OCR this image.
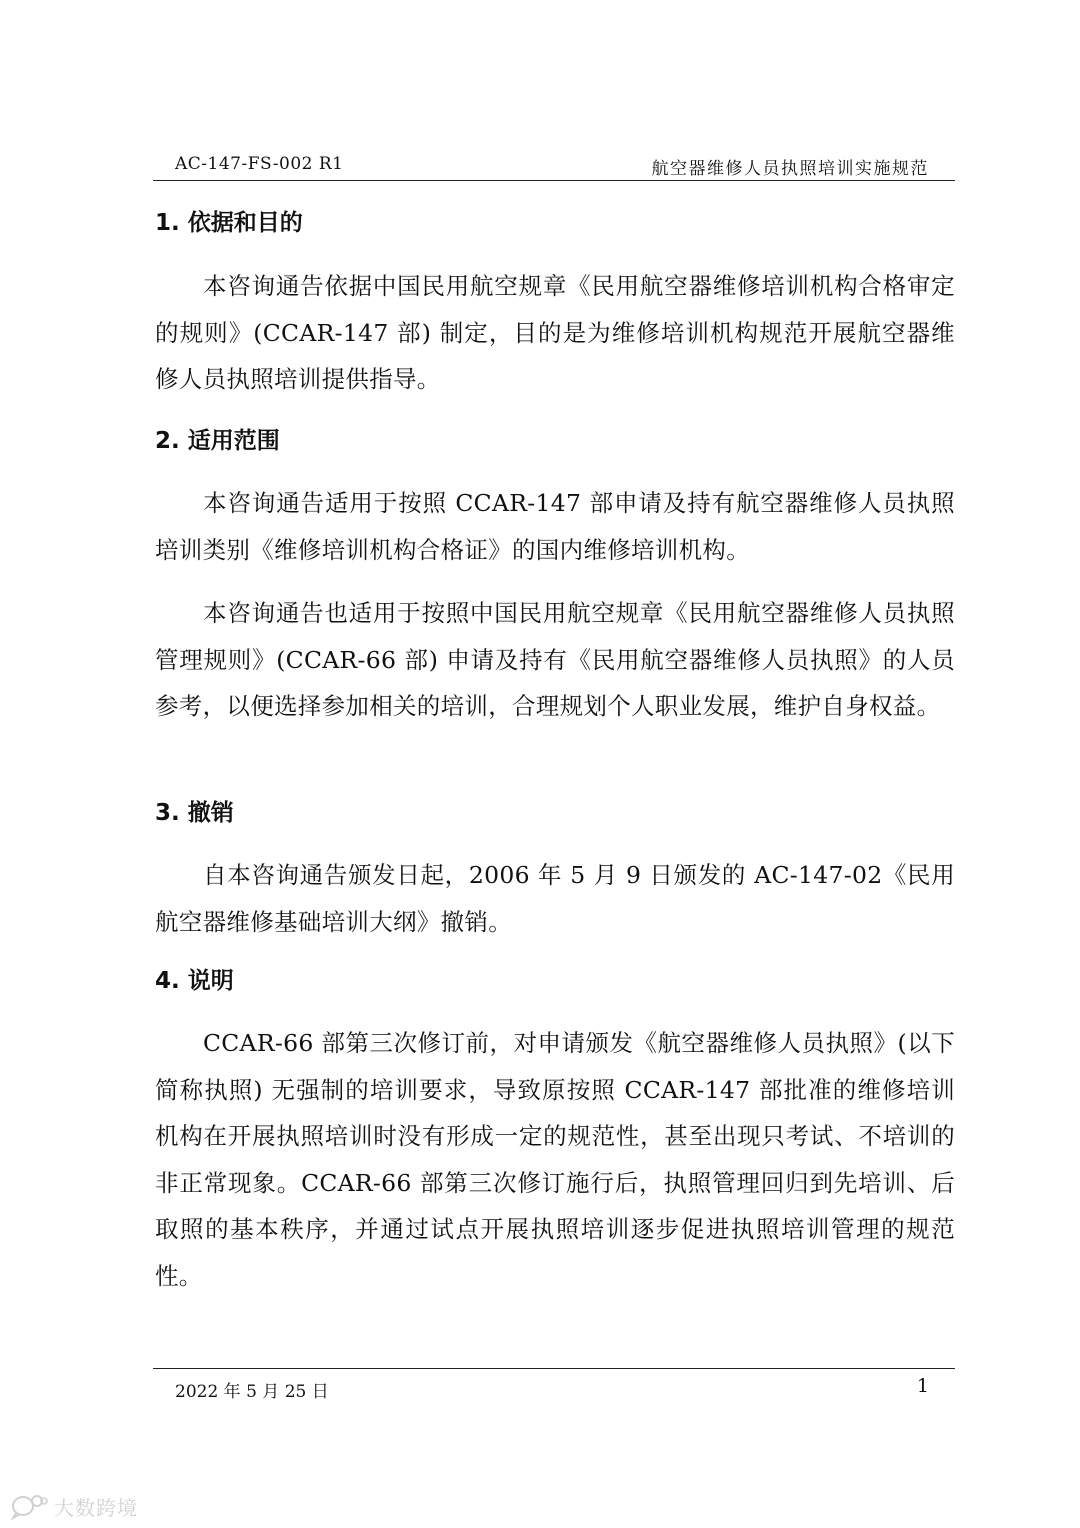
AC-147-FS-002 R1	航空器维修人员执照培训实施规范
1. 依据和目的

本咨询通告依据中国民用航空规章《民用航空器维修培训机构合格审定的规则》(CCAR-147 部) 制定，目的是为维修培训机构规范开展航空器维修人员执照培训提供指导。

2. 适用范围

本咨询通告适用于按照 CCAR-147 部申请及持有航空器维修人员执照培训类别《维修培训机构合格证》的国内维修培训机构。

本咨询通告也适用于按照中国民用航空规章《民用航空器维修人员执照管理规则》(CCAR-66 部) 申请及持有《民用航空器维修人员执照》的人员参考，以便选择参加相关的培训，合理规划个人职业发展，维护自身权益。

3. 撤销

自本咨询通告颁发日起，2006 年 5 月 9 日颁发的 AC-147-02《民用航空器维修基础培训大纲》撤销。

4. 说明

CCAR-66 部第三次修订前，对申请颁发《航空器维修人员执照》(以下简称执照) 无强制的培训要求，导致原按照 CCAR-147 部批准的维修培训机构在开展执照培训时没有形成一定的规范性，甚至出现只考试、不培训的非正常现象。CCAR-66 部第三次修订施行后，执照管理回归到先培训、后取照的基本秩序，并通过试点开展执照培训逐步促进执照培训管理的规范性。

2022 年 5 月 25 日	1
大数跨境
